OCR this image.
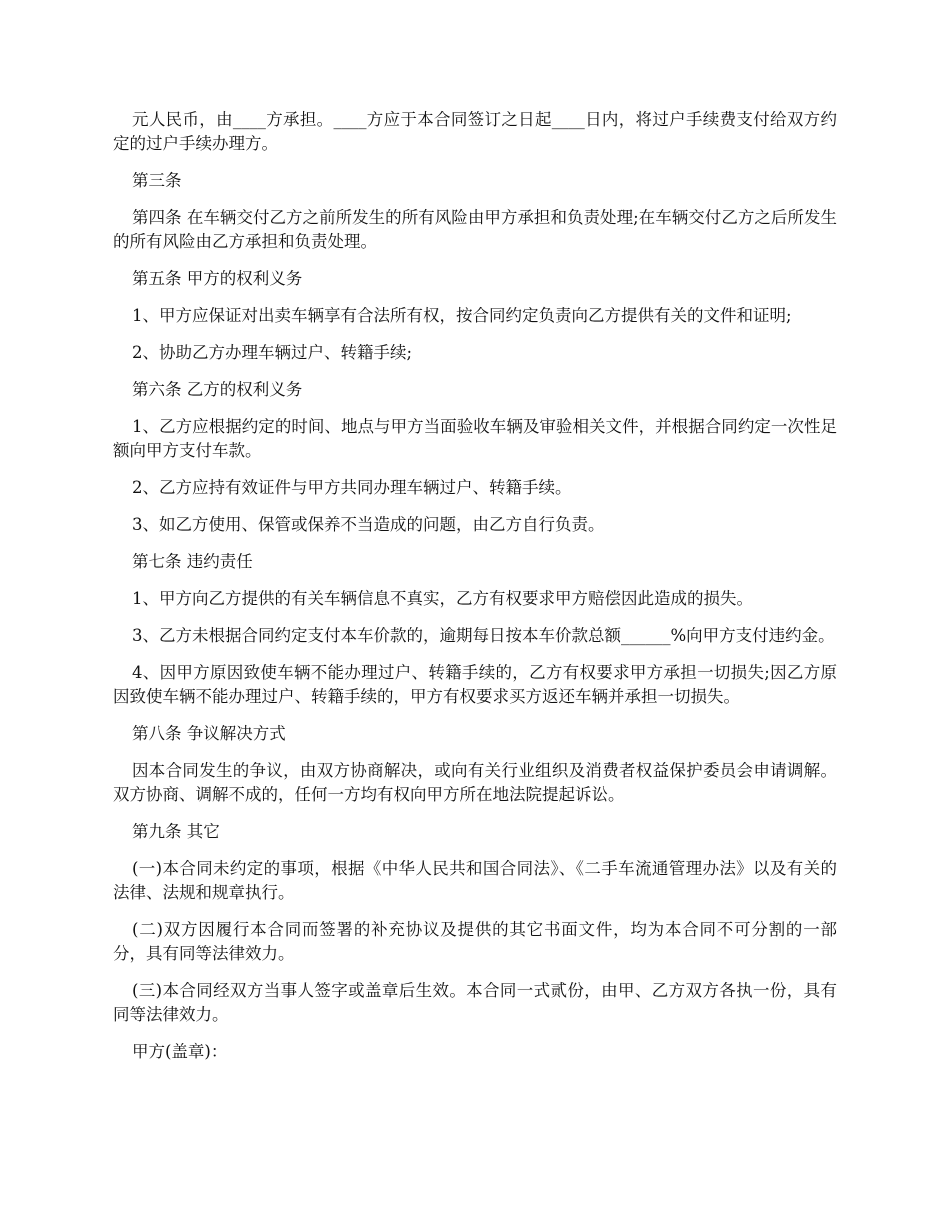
元人民币，由____方承担。____方应于本合同签订之日起____日内，将过户手续费支付给双方约定的过户手续办理方。

第三条

第四条 在车辆交付乙方之前所发生的所有风险由甲方承担和负责处理;在车辆交付乙方之后所发生的所有风险由乙方承担和负责处理。

第五条 甲方的权利义务

1、甲方应保证对出卖车辆享有合法所有权，按合同约定负责向乙方提供有关的文件和证明;

2、协助乙方办理车辆过户、转籍手续;

第六条 乙方的权利义务

1、乙方应根据约定的时间、地点与甲方当面验收车辆及审验相关文件，并根据合同约定一次性足额向甲方支付车款。

2、乙方应持有效证件与甲方共同办理车辆过户、转籍手续。

3、如乙方使用、保管或保养不当造成的问题，由乙方自行负责。

第七条 违约责任

1、甲方向乙方提供的有关车辆信息不真实，乙方有权要求甲方赔偿因此造成的损失。

3、乙方未根据合同约定支付本车价款的，逾期每日按本车价款总额______%向甲方支付违约金。

4、因甲方原因致使车辆不能办理过户、转籍手续的，乙方有权要求甲方承担一切损失;因乙方原因致使车辆不能办理过户、转籍手续的，甲方有权要求买方返还车辆并承担一切损失。

第八条 争议解决方式

因本合同发生的争议，由双方协商解决，或向有关行业组织及消费者权益保护委员会申请调解。双方协商、调解不成的，任何一方均有权向甲方所在地法院提起诉讼。

第九条 其它

(一)本合同未约定的事项，根据《中华人民共和国合同法》、《二手车流通管理办法》以及有关的法律、法规和规章执行。

(二)双方因履行本合同而签署的补充协议及提供的其它书面文件，均为本合同不可分割的一部分，具有同等法律效力。

(三)本合同经双方当事人签字或盖章后生效。本合同一式贰份，由甲、乙方双方各执一份，具有同等法律效力。

甲方(盖章)：
